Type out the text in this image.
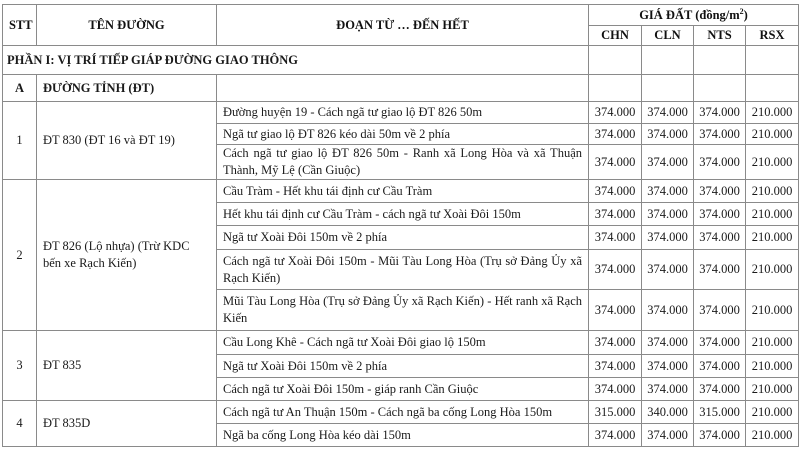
STT	TÊN ĐƯỜNG	ĐOẠN TỪ … ĐẾN HẾT	GIÁ ĐẤT $(đồng/m^2)$			
			CHN	CLN	NTS	RSX
PHẦN I: VỊ TRÍ TIẾP GIÁP ĐƯỜNG GIAO THÔNG						
A	ĐƯỜNG TỈNH (ĐT)					
1	ĐT 830 (ĐT 16 và ĐT 19)	Đường huyện 19 - Cách ngã tư giao lộ ĐT 826 50m	374.000	374.000	374.000	210.000
		Ngã tư giao lộ ĐT 826 kéo dài 50m về 2 phía	374.000	374.000	374.000	210.000
		Cách ngã tư giao lộ ĐT 826 50m - Ranh xã Long Hòa và xã Thuận Thành, Mỹ Lệ (Cần Giuộc)	374.000	374.000	374.000	210.000
2	ĐT 826 (Lộ nhựa) (Trừ KDC bến xe Rạch Kiến)	Cầu Tràm - Hết khu tái định cư Cầu Tràm	374.000	374.000	374.000	210.000
		Hết khu tái định cư Cầu Tràm - cách ngã tư Xoài Đôi 150m	374.000	374.000	374.000	210.000
		Ngã tư Xoài Đôi 150m về 2 phía	374.000	374.000	374.000	210.000
		Cách ngã tư Xoài Đôi 150m - Mũi Tàu Long Hòa (Trụ sở Đảng Ủy xã Rạch Kiến)	374.000	374.000	374.000	210.000
		Mũi Tàu Long Hòa (Trụ sở Đảng Ủy xã Rạch Kiến) - Hết ranh xã Rạch Kiến	374.000	374.000	374.000	210.000
3	ĐT 835	Cầu Long Khê - Cách ngã tư Xoài Đôi giao lộ 150m	374.000	374.000	374.000	210.000
		Ngã tư Xoài Đôi 150m về 2 phía	374.000	374.000	374.000	210.000
		Cách ngã tư Xoài Đôi 150m - giáp ranh Cần Giuộc	374.000	374.000	374.000	210.000
4	ĐT 835D	Cách ngã tư An Thuận 150m - Cách ngã ba cống Long Hòa 150m	315.000	340.000	315.000	210.000
		Ngã ba cống Long Hòa kéo dài 150m	374.000	374.000	374.000	210.000
